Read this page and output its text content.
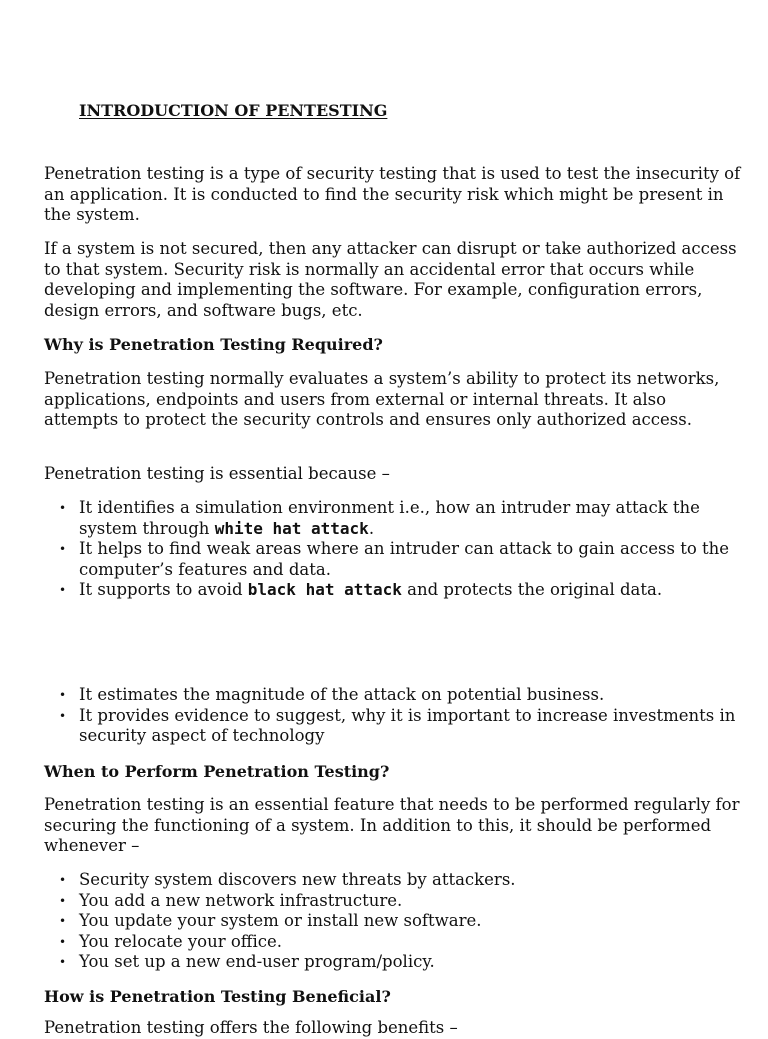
INTRODUCTION OF PENTESTING

Penetration testing is a type of security testing that is used to test the insecurity of an application. It is conducted to find the security risk which might be present in the system.

If a system is not secured, then any attacker can disrupt or take authorized access to that system. Security risk is normally an accidental error that occurs while developing and implementing the software. For example, configuration errors, design errors, and software bugs, etc.

Why is Penetration Testing Required?

Penetration testing normally evaluates a system’s ability to protect its networks, applications, endpoints and users from external or internal threats. It also attempts to protect the security controls and ensures only authorized access.

Penetration testing is essential because –

• It identifies a simulation environment i.e., how an intruder may attack the system through white hat attack.
• It helps to find weak areas where an intruder can attack to gain access to the computer’s features and data.
• It supports to avoid black hat attack and protects the original data.
• It estimates the magnitude of the attack on potential business.
• It provides evidence to suggest, why it is important to increase investments in security aspect of technology

When to Perform Penetration Testing?

Penetration testing is an essential feature that needs to be performed regularly for securing the functioning of a system. In addition to this, it should be performed whenever –

• Security system discovers new threats by attackers.
• You add a new network infrastructure.
• You update your system or install new software.
• You relocate your office.
• You set up a new end-user program/policy.

How is Penetration Testing Beneficial?

Penetration testing offers the following benefits –
